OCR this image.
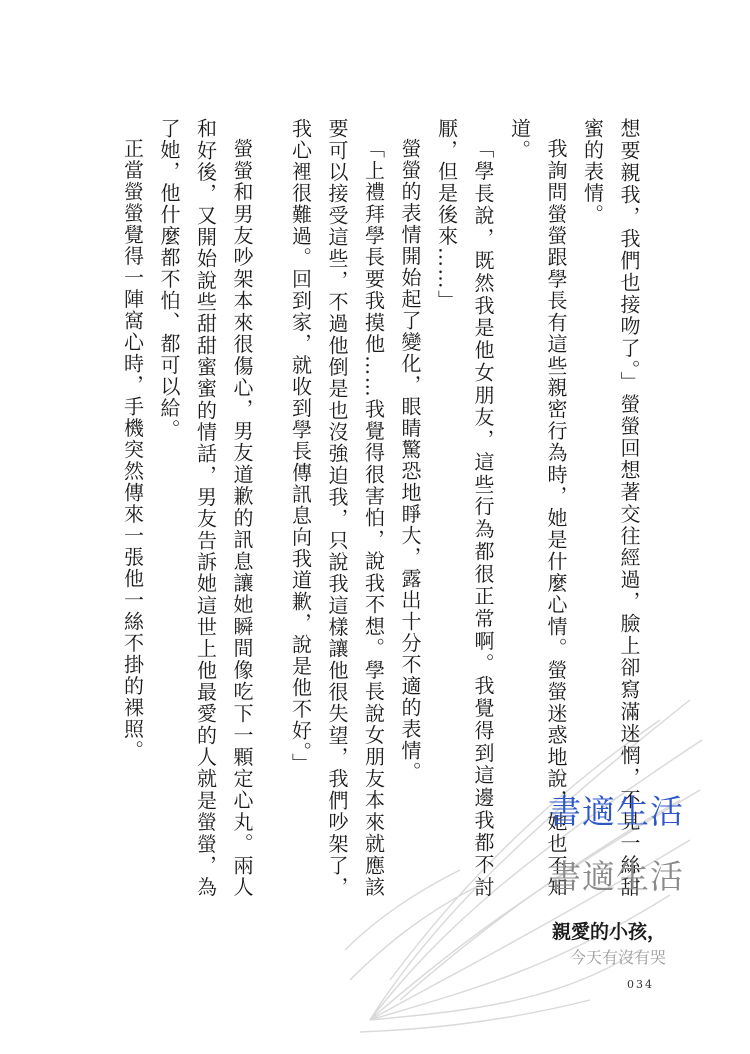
想要親我，我們也接吻了。」螢螢回想著交往經過，臉上卻寫滿迷惘，不見一絲甜蜜的表情。

我詢問螢螢跟學長有這些親密行為時，她是什麼心情。螢螢迷惑地說，她也不知道。

「學長說，既然我是他女朋友，這些行為都很正常啊。我覺得到這邊我都不討厭，但是後來……」

螢螢的表情開始起了變化，眼睛驚恐地睜大，露出十分不適的表情。

「上禮拜學長要我摸他……我覺得很害怕，說我不想。學長說女朋友本來就應該要可以接受這些，不過他倒是也沒強迫我，只說我這樣讓他很失望，我們吵架了，我心裡很難過。回到家，就收到學長傳訊息向我道歉，說是他不好。」

螢螢和男友吵架本來很傷心，男友道歉的訊息讓她瞬間像吃下一顆定心丸。兩人和好後，又開始說些甜甜蜜蜜的情話，男友告訴她這世上他最愛的人就是螢螢，為了她，他什麼都不怕、都可以給。

正當螢螢覺得一陣窩心時，手機突然傳來一張他一絲不掛的裸照。

書適生活
書適生活
親愛的小孩，
今天有沒有哭
034
